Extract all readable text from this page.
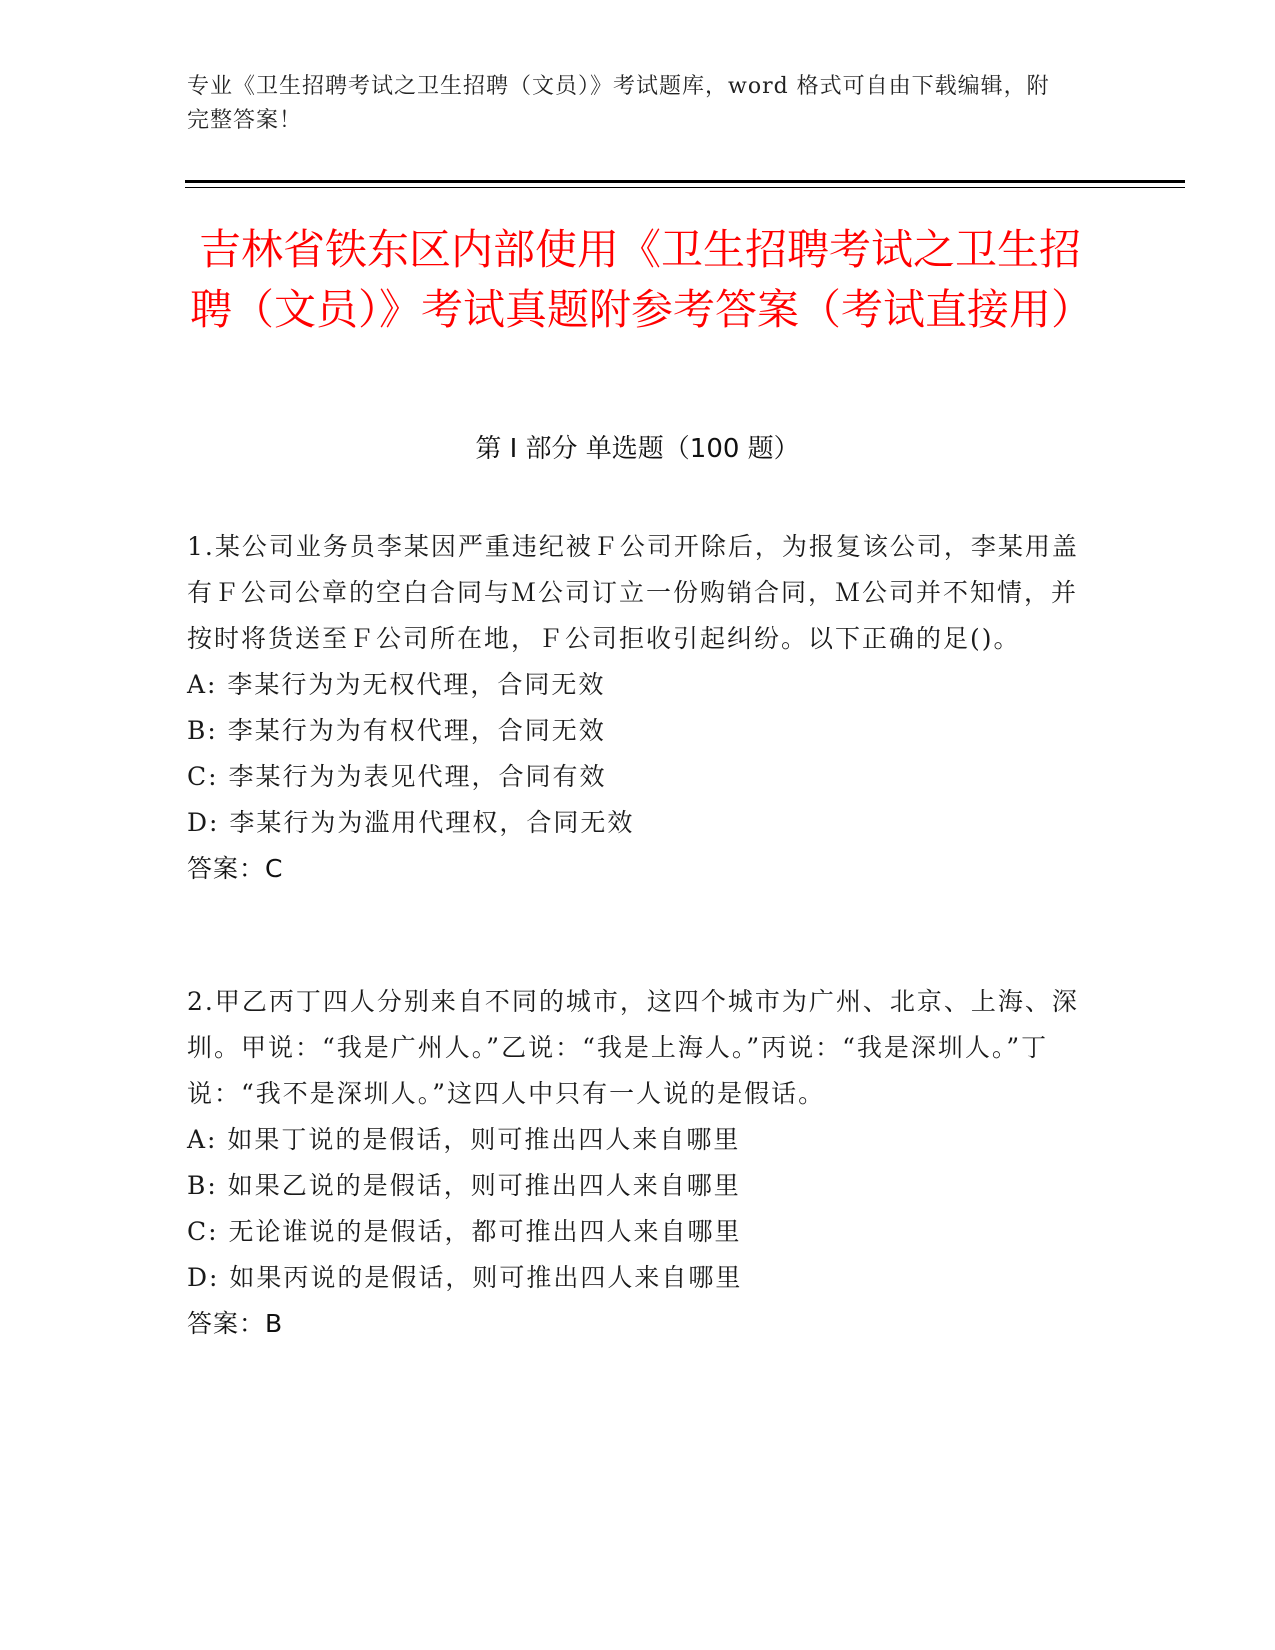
专业《卫生招聘考试之卫生招聘（文员）》考试题库，word 格式可自由下载编辑，附完整答案！
吉林省铁东区内部使用《卫生招聘考试之卫生招聘（文员）》考试真题附参考答案（考试直接用）
第 I 部分 单选题（100 题）

1.某公司业务员李某因严重违纪被Ｆ公司开除后，为报复该公司，李某用盖有Ｆ公司公章的空白合同与Ｍ公司订立一份购销合同，Ｍ公司并不知情，并按时将货送至Ｆ公司所在地，Ｆ公司拒收引起纠纷。以下正确的足()。

A: 李某行为为无权代理，合同无效

B: 李某行为为有权代理，合同无效

C: 李某行为为表见代理，合同有效

D: 李某行为为滥用代理权，合同无效

答案：C

2.甲乙丙丁四人分别来自不同的城市，这四个城市为广州、北京、上海、深圳。甲说：“我是广州人。”乙说：“我是上海人。”丙说：“我是深圳人。”丁说：“我不是深圳人。”这四人中只有一人说的是假话。

A: 如果丁说的是假话，则可推出四人来自哪里

B: 如果乙说的是假话，则可推出四人来自哪里

C: 无论谁说的是假话，都可推出四人来自哪里

D: 如果丙说的是假话，则可推出四人来自哪里

答案：B
